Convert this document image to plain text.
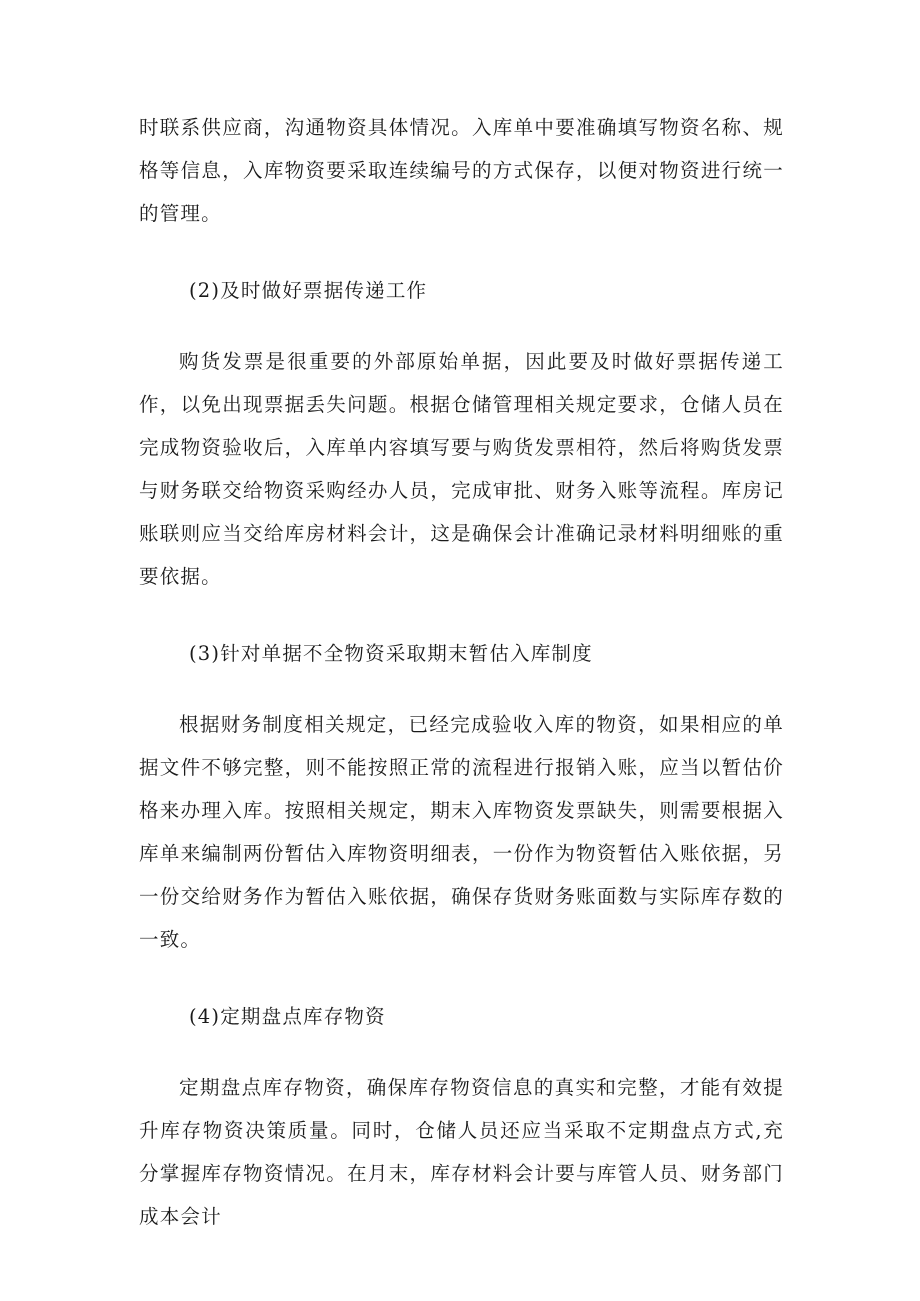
时联系供应商，沟通物资具体情况。入库单中要准确填写物资名称、规格等信息，入库物资要采取连续编号的方式保存，以便对物资进行统一的管理。

(2)及时做好票据传递工作

购货发票是很重要的外部原始单据，因此要及时做好票据传递工作，以免出现票据丢失问题。根据仓储管理相关规定要求，仓储人员在完成物资验收后，入库单内容填写要与购货发票相符，然后将购货发票与财务联交给物资采购经办人员，完成审批、财务入账等流程。库房记账联则应当交给库房材料会计，这是确保会计准确记录材料明细账的重要依据。

(3)针对单据不全物资采取期末暂估入库制度

根据财务制度相关规定，已经完成验收入库的物资，如果相应的单据文件不够完整，则不能按照正常的流程进行报销入账，应当以暂估价格来办理入库。按照相关规定，期末入库物资发票缺失，则需要根据入库单来编制两份暂估入库物资明细表，一份作为物资暂估入账依据，另一份交给财务作为暂估入账依据，确保存货财务账面数与实际库存数的一致。

(4)定期盘点库存物资

定期盘点库存物资，确保库存物资信息的真实和完整，才能有效提升库存物资决策质量。同时，仓储人员还应当采取不定期盘点方式,充分掌握库存物资情况。在月末，库存材料会计要与库管人员、财务部门成本会计
